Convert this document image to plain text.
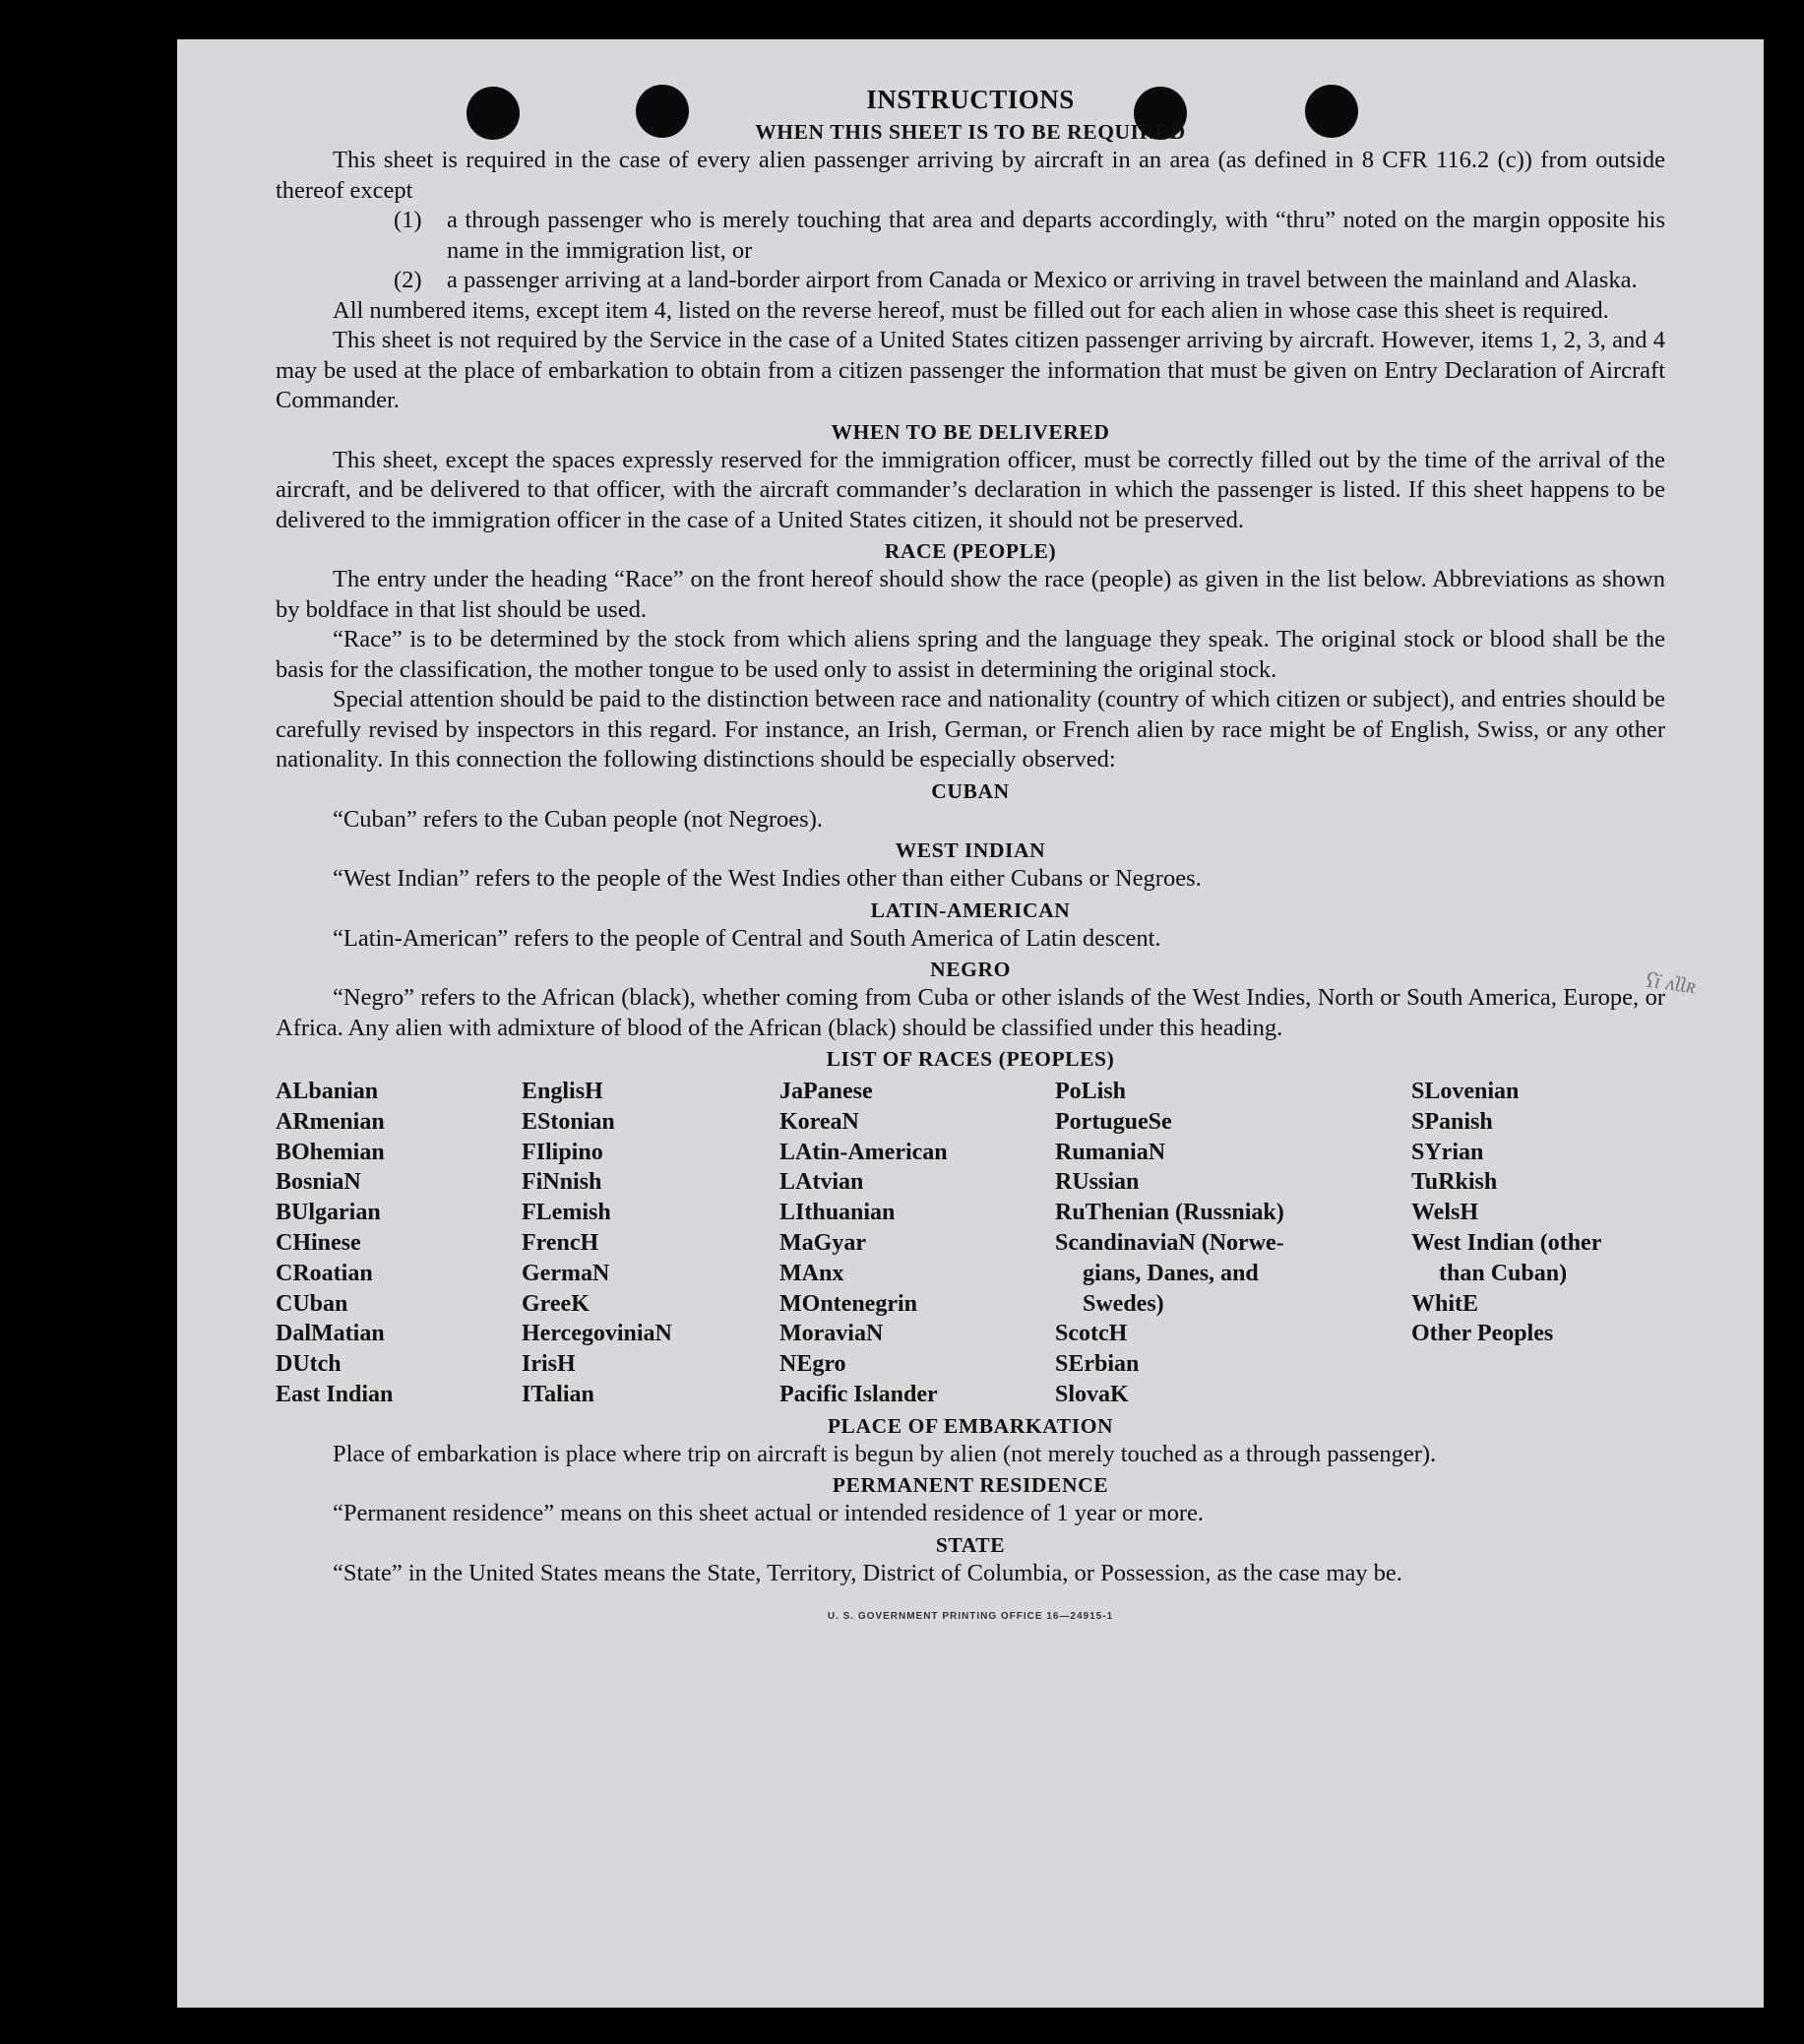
INSTRUCTIONS
WHEN THIS SHEET IS TO BE REQUIRED

This sheet is required in the case of every alien passenger arriving by aircraft in an area (as defined in 8 CFR 116.2 (c)) from outside thereof except

(1)	a through passenger who is merely touching that area and departs accordingly, with “thru” noted on the margin opposite his name in the immigration list, or
(2)	a passenger arriving at a land-border airport from Canada or Mexico or arriving in travel between the mainland and Alaska.

All numbered items, except item 4, listed on the reverse hereof, must be filled out for each alien in whose case this sheet is required.

This sheet is not required by the Service in the case of a United States citizen passenger arriving by aircraft. However, items 1, 2, 3, and 4 may be used at the place of embarkation to obtain from a citizen passenger the information that must be given on Entry Declaration of Aircraft Commander.

WHEN TO BE DELIVERED

This sheet, except the spaces expressly reserved for the immigration officer, must be correctly filled out by the time of the arrival of the aircraft, and be delivered to that officer, with the aircraft commander’s declaration in which the passenger is listed. If this sheet happens to be delivered to the immigration officer in the case of a United States citizen, it should not be preserved.

RACE (PEOPLE)

The entry under the heading “Race” on the front hereof should show the race (people) as given in the list below. Abbreviations as shown by boldface in that list should be used.

“Race” is to be determined by the stock from which aliens spring and the language they speak. The original stock or blood shall be the basis for the classification, the mother tongue to be used only to assist in determining the original stock.

Special attention should be paid to the distinction between race and nationality (country of which citizen or subject), and entries should be carefully revised by inspectors in this regard. For instance, an Irish, German, or French alien by race might be of English, Swiss, or any other nationality. In this connection the following distinctions should be especially observed:

CUBAN

“Cuban” refers to the Cuban people (not Negroes).

WEST INDIAN

“West Indian” refers to the people of the West Indies other than either Cubans or Negroes.

LATIN-AMERICAN

“Latin-American” refers to the people of Central and South America of Latin descent.

NEGRO

“Negro” refers to the African (black), whether coming from Cuba or other islands of the West Indies, North or South America, Europe, or Africa. Any alien with admixture of blood of the African (black) should be classified under this heading.

LIST OF RACES (PEOPLES)
ALbanian
ARmenian
BOhemian
BosniaN
BUlgarian
CHinese
CRoatian
CUban
DalMatian
DUtch
East Indian
EnglisH
EStonian
FIlipino
FiNnish
FLemish
FrencH
GermaN
GreeK
HercegoviniaN
IrisH
ITalian
JaPanese
KoreaN
LAtin-American
LAtvian
LIthuanian
MaGyar
MAnx
MOntenegrin
MoraviaN
NEgro
Pacific Islander
PoLish
PortugueSe
RumaniaN
RUssian
RuThenian (Russniak)
ScandinaviaN (Norwe-
gians, Danes, and
Swedes)
ScotcH
SErbian
SlovaK
SLovenian
SPanish
SYrian
TuRkish
WelsH
West Indian (other
than Cuban)
WhitE
Other Peoples
PLACE OF EMBARKATION

Place of embarkation is place where trip on aircraft is begun by alien (not merely touched as a through passenger).

PERMANENT RESIDENCE

“Permanent residence” means on this sheet actual or intended residence of 1 year or more.

STATE

“State” in the United States means the State, Territory, District of Columbia, or Possession, as the case may be.

U. S. GOVERNMENT PRINTING OFFICE 16—24915-1
ʕї ʌʅʅʀ
